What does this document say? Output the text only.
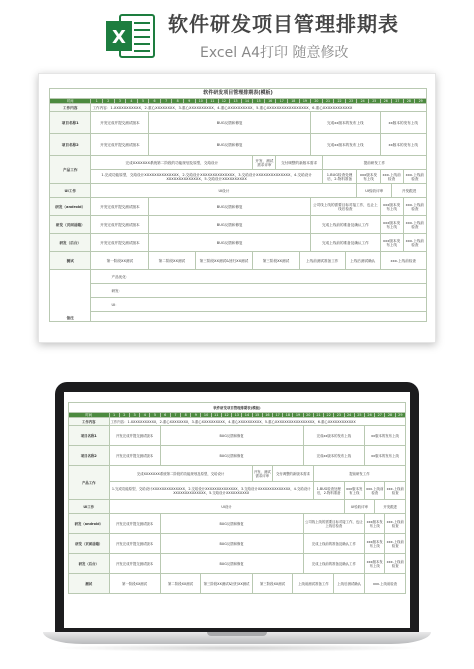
X
软件研发项目管理排期表
Excel A4打印 随意修改
软件研发项目管理排期表(模板)																													
时间	1	2	3	4	5	6	7	8	9	10	11	12	13	14	15	16	17	18	19	20	21	22	23	24	25	26	27	28	29
工作内容	工作内容：1.XXXXXXXXXXX，2.重心XXXXXXXX，3.重心XXXXXXXXXX，4.重心XXXXXXXXXX，5.重心XXXXXXXXXXXXXXXXX，6.重心XXXXXXXXXXXX																												
项目名称1	开发完成并提交测试版本					BUG反馈和修复														完成xx版本的发布上线						xx版本的发布上线			
项目名称2	开发完成并提交测试版本					BUG反馈和修复														完成xx版本的发布上线						xx版本的发布上线			
产品工作	完成XXXXXXX系统第二阶段的功能规划及原型，交给设计														开发、测试需求评审		交付调整的新版本需求				提前研发工作								
	1.完成功能原型，交给设计XXXXXXXXXXXXXX，2.交给设计XXXXXXXXXXXXXX，3.交给设计XXXXXXXXXXXXXX，4.交给设计XXXXXXXXXXXXXX，5.交给设计XXXXXXXXXX																				1.BUG检查处理后，2.物料准备			xxx版本发布上线		xxx.上线前检查		xxx.上线前检查	
UI工作	UI设计																							UI验收评审			开发跟进		
研发（android）	开发完成并提交测试版本					BUG反馈和修复														公司线上线的需要目标对接工作，也让上线后检查						xxx版本发布上线		xxx.上线前检查	
研发（页面前端）	开发完成并提交测试版本					BUG反馈和修复														完成上线前的准备及确认工作						xxx版本发布上线		xxx.上线前检查	
研发（后台）	开发完成并提交测试版本					BUG反馈和修复														完成上线前的准备及确认工作						xxx版本发布上线		xxx.上线前检查	
测试	第一阶段XX测试					第二阶段XX测试				第三阶段XX测试&回归XX测试					第三阶段XX测试				上线前测试准备工作				上线后测试确认			xxx.上线前检查			
备注	产品优化：																												
	研发：																												
	UI：																												

软件研发项目管理排期表(模板)																													
时间	1	2	3	4	5	6	7	8	9	10	11	12	13	14	15	16	17	18	19	20	21	22	23	24	25	26	27	28	29
工作内容	工作内容：1.XXXXXXXXXXX，2.重心XXXXXXXX，3.重心XXXXXXXXXX，4.重心XXXXXXXXXX，5.重心XXXXXXXXXXXXXXXXX，6.重心XXXXXXXXXXXX																												
项目名称1	开发完成并提交测试版本					BUG反馈和修复														完成xx版本的发布上线						xx版本的发布上线			
项目名称2	开发完成并提交测试版本					BUG反馈和修复														完成xx版本的发布上线						xx版本的发布上线			
产品工作	完成XXXXXXX系统第二阶段的功能规划及原型，交给设计														开发、测试需求评审		交付调整的新版本需求				提前研发工作								
	1.完成功能原型，交给设计XXXXXXXXXXXXXX，2.交给设计XXXXXXXXXXXXXX，3.交给设计XXXXXXXXXXXXXX，4.交给设计XXXXXXXXXXXXXX，5.交给设计XXXXXXXXXX																				1.BUG检查处理后，2.物料准备			xxx版本发布上线		xxx.上线前检查		xxx.上线前检查	
UI工作	UI设计																							UI验收评审			开发跟进		
研发（android）	开发完成并提交测试版本					BUG反馈和修复														公司线上线的需要目标对接工作，也让上线后检查						xxx版本发布上线		xxx.上线前检查	
研发（页面前端）	开发完成并提交测试版本					BUG反馈和修复														完成上线前的准备及确认工作						xxx版本发布上线		xxx.上线前检查	
研发（后台）	开发完成并提交测试版本					BUG反馈和修复														完成上线前的准备及确认工作						xxx版本发布上线		xxx.上线前检查	
测试	第一阶段XX测试					第二阶段XX测试				第三阶段XX测试&回归XX测试					第三阶段XX测试				上线前测试准备工作				上线后测试确认			xxx.上线前检查			
